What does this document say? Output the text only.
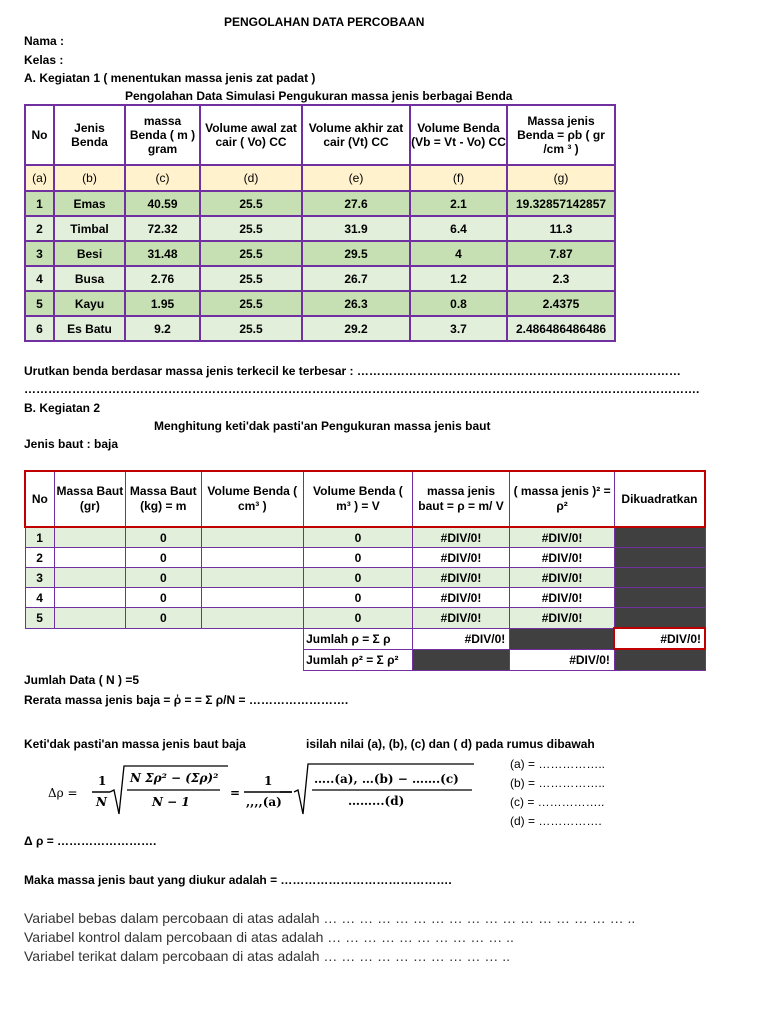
PENGOLAHAN DATA PERCOBAAN
Nama :
Kelas :
A. Kegiatan 1 ( menentukan massa jenis zat padat )
Pengolahan Data Simulasi Pengukuran massa jenis berbagai Benda
No	Jenis Benda	massa Benda ( m ) gram	Volume awal zat cair ( Vo) CC	Volume akhir zat cair (Vt) CC	Volume Benda (Vb = Vt - Vo) CC	Massa jenis Benda = ρb ( gr /cm ³ )
(a)	(b)	(c)	(d)	(e)	(f)	(g)
1	Emas	40.59	25.5	27.6	2.1	19.32857142857
2	Timbal	72.32	25.5	31.9	6.4	11.3
3	Besi	31.48	25.5	29.5	4	7.87
4	Busa	2.76	25.5	26.7	1.2	2.3
5	Kayu	1.95	25.5	26.3	0.8	2.4375
6	Es Batu	9.2	25.5	29.2	3.7	2.486486486486
Urutkan benda berdasar massa jenis terkecil ke terbesar : ………………………………………………………………………
…………………………………………………………………………………………………………………………………………………….
B. Kegiatan 2
Menghitung keti'dak pasti'an Pengukuran massa jenis baut
Jenis baut : baja
No	Massa Baut (gr)	Massa Baut (kg) = m	Volume Benda ( cm³ )	Volume Benda ( m³ ) = V	massa jenis baut = ρ = m/ V	( massa jenis )² = ρ²	Dikuadratkan
1		0		0	#DIV/0!	#DIV/0!	
2		0		0	#DIV/0!	#DIV/0!	
3		0		0	#DIV/0!	#DIV/0!	
4		0		0	#DIV/0!	#DIV/0!	
5		0		0	#DIV/0!	#DIV/0!	
				Jumlah ρ = Σ ρ	#DIV/0!		#DIV/0!
				Jumlah ρ² = Σ ρ²		#DIV/0!	
Jumlah Data ( N ) =5
Rerata massa jenis baja = ῤ = = Σ ρ/N = …………………….
Keti'dak pasti'an massa jenis baut baja	isilah nilai (a), (b), (c) dan ( d) pada rumus dibawah
(a) = ……………..
(b) = ……………..
(c) = ……………..
(d) = …………….
Δρ =
1
N
N Σρ² − (Σρ)²
N − 1
=
1
,,,,(a)
…..(a), …(b) − …….(c)
……...(d)
Δ ρ = …………………….
Maka massa jenis baut yang diukur adalah = …………………………………….
Variabel bebas dalam percobaan di atas adalah … … … … … … … … … … … … … … … … … ..
Variabel kontrol dalam percobaan di atas adalah … … … … … … … … … … ..
Variabel terikat dalam percobaan di atas adalah … … … … … … … … … … ..
